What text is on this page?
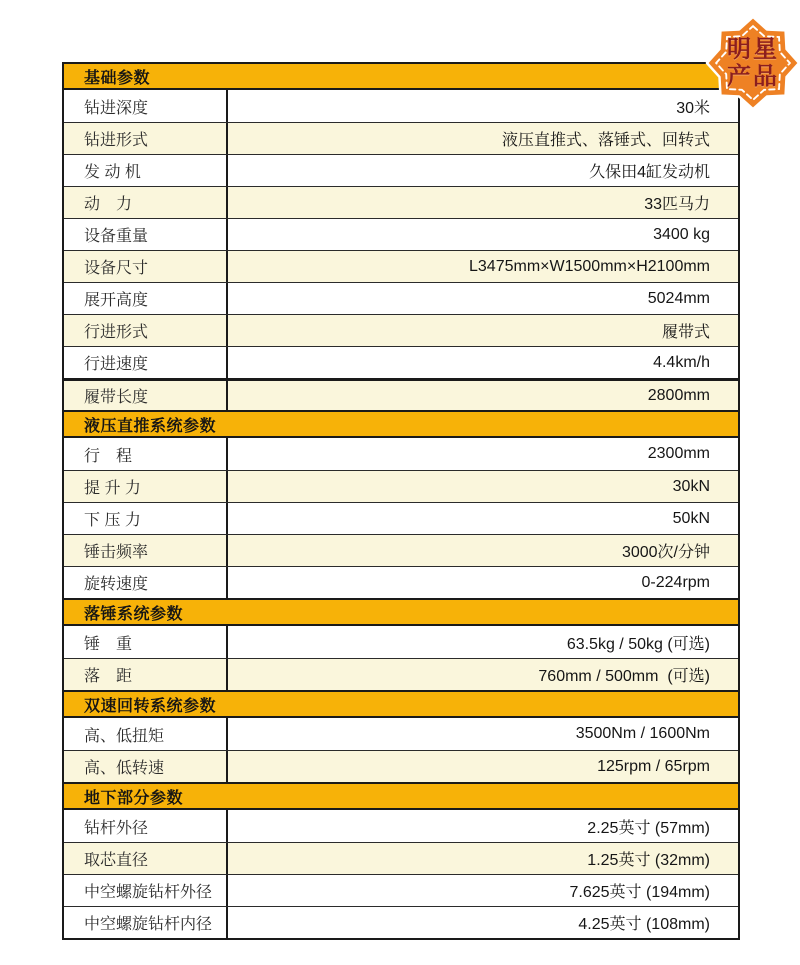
基础参数
钻进深度	30米
钻进形式	液压直推式、落锤式、回转式
发 动 机	久保田4缸发动机
动　力	33匹马力
设备重量	3400 kg
设备尺寸	L3475mm×W1500mm×H2100mm
展开高度	5024mm
行进形式	履带式
行进速度	4.4km/h
履带长度	2800mm
液压直推系统参数
行　程	2300mm
提 升 力	30kN
下 压 力	50kN
锤击频率	3000次/分钟
旋转速度	0-224rpm
落锤系统参数
锤　重	63.5kg / 50kg (可选)
落　距	760mm / 500mm  (可选)
双速回转系统参数
高、低扭矩	3500Nm / 1600Nm
高、低转速	125rpm / 65rpm
地下部分参数
钻杆外径	2.25英寸 (57mm)
取芯直径	1.25英寸 (32mm)
中空螺旋钻杆外径	7.625英寸 (194mm)
中空螺旋钻杆内径	4.25英寸 (108mm)
明星
产品
